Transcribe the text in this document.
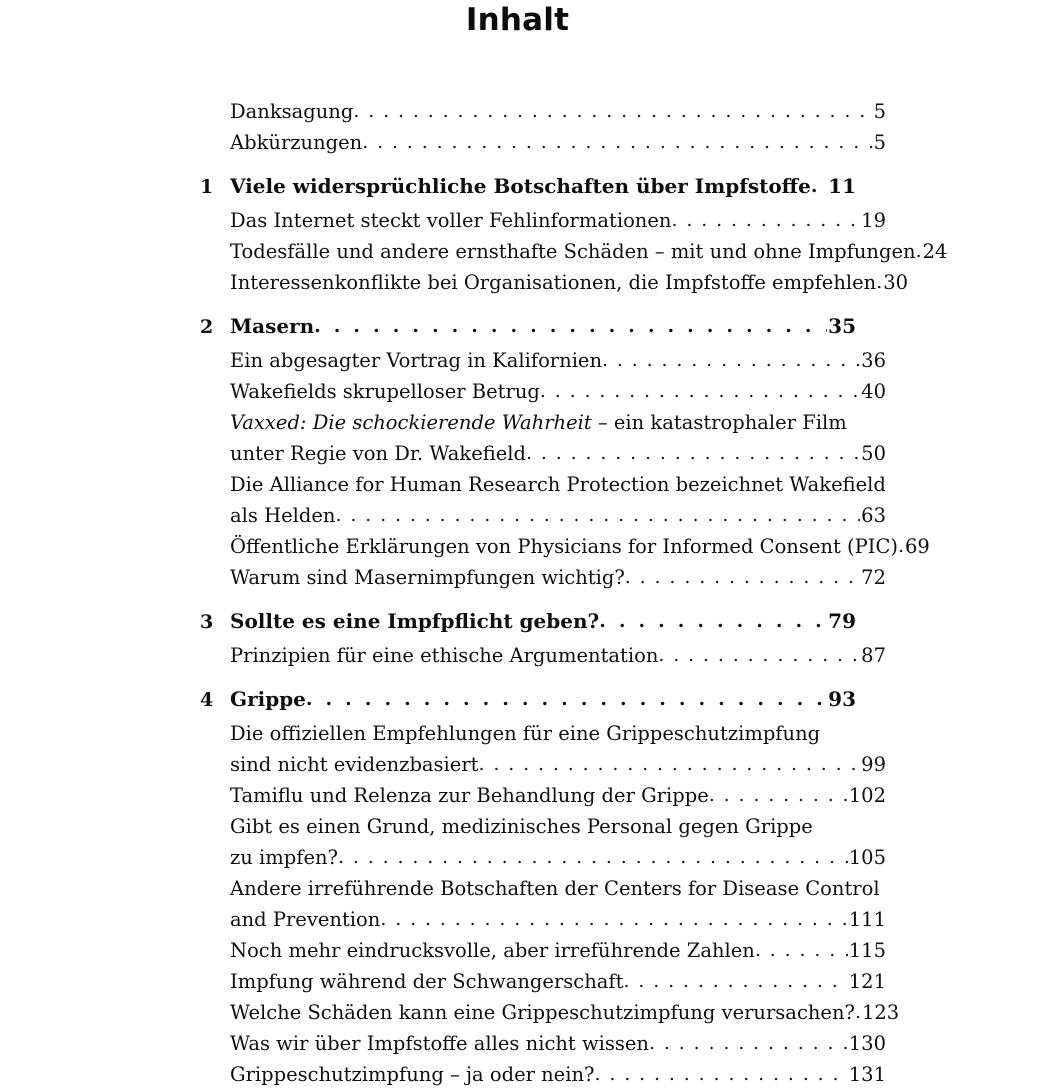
Inhalt
Danksagung . . .	5
Abkürzungen . . .	5
1 Viele widersprüchliche Botschaften über Impfstoffe . . . 11
Das Internet steckt voller Fehlinformationen . . .	19
Todesfälle und andere ernsthafte Schäden – mit und ohne Impfungen . . . 24
Interessenkonflikte bei Organisationen, die Impfstoffe empfehlen . . . 30
2 Masern . . .	35
Ein abgesagter Vortrag in Kalifornien . . .	36
Wakefields skrupelloser Betrug . . .	40
Vaxxed: Die schockierende Wahrheit – ein katastrophaler Film
unter Regie von Dr. Wakefield . . .	50
Die Alliance for Human Research Protection bezeichnet Wakefield
als Helden . . .	63
Öffentliche Erklärungen von Physicians for Informed Consent (PIC) . . . 69
Warum sind Masernimpfungen wichtig? . . .	72
3 Sollte es eine Impfpflicht geben? . . .	79
Prinzipien für eine ethische Argumentation . . .	87
4 Grippe . . .	93
Die offiziellen Empfehlungen für eine Grippeschutzimpfung
sind nicht evidenzbasiert . . .	99
Tamiflu und Relenza zur Behandlung der Grippe . . .	102
Gibt es einen Grund, medizinisches Personal gegen Grippe
zu impfen? . . .	105
Andere irreführende Botschaften der Centers for Disease Control
and Prevention . . .	111
Noch mehr eindrucksvolle, aber irreführende Zahlen . . .	115
Impfung während der Schwangerschaft . . .	121
Welche Schäden kann eine Grippeschutzimpfung verursachen? . . . 123
Was wir über Impfstoffe alles nicht wissen . . .	130
Grippeschutzimpfung – ja oder nein? . . .	131
